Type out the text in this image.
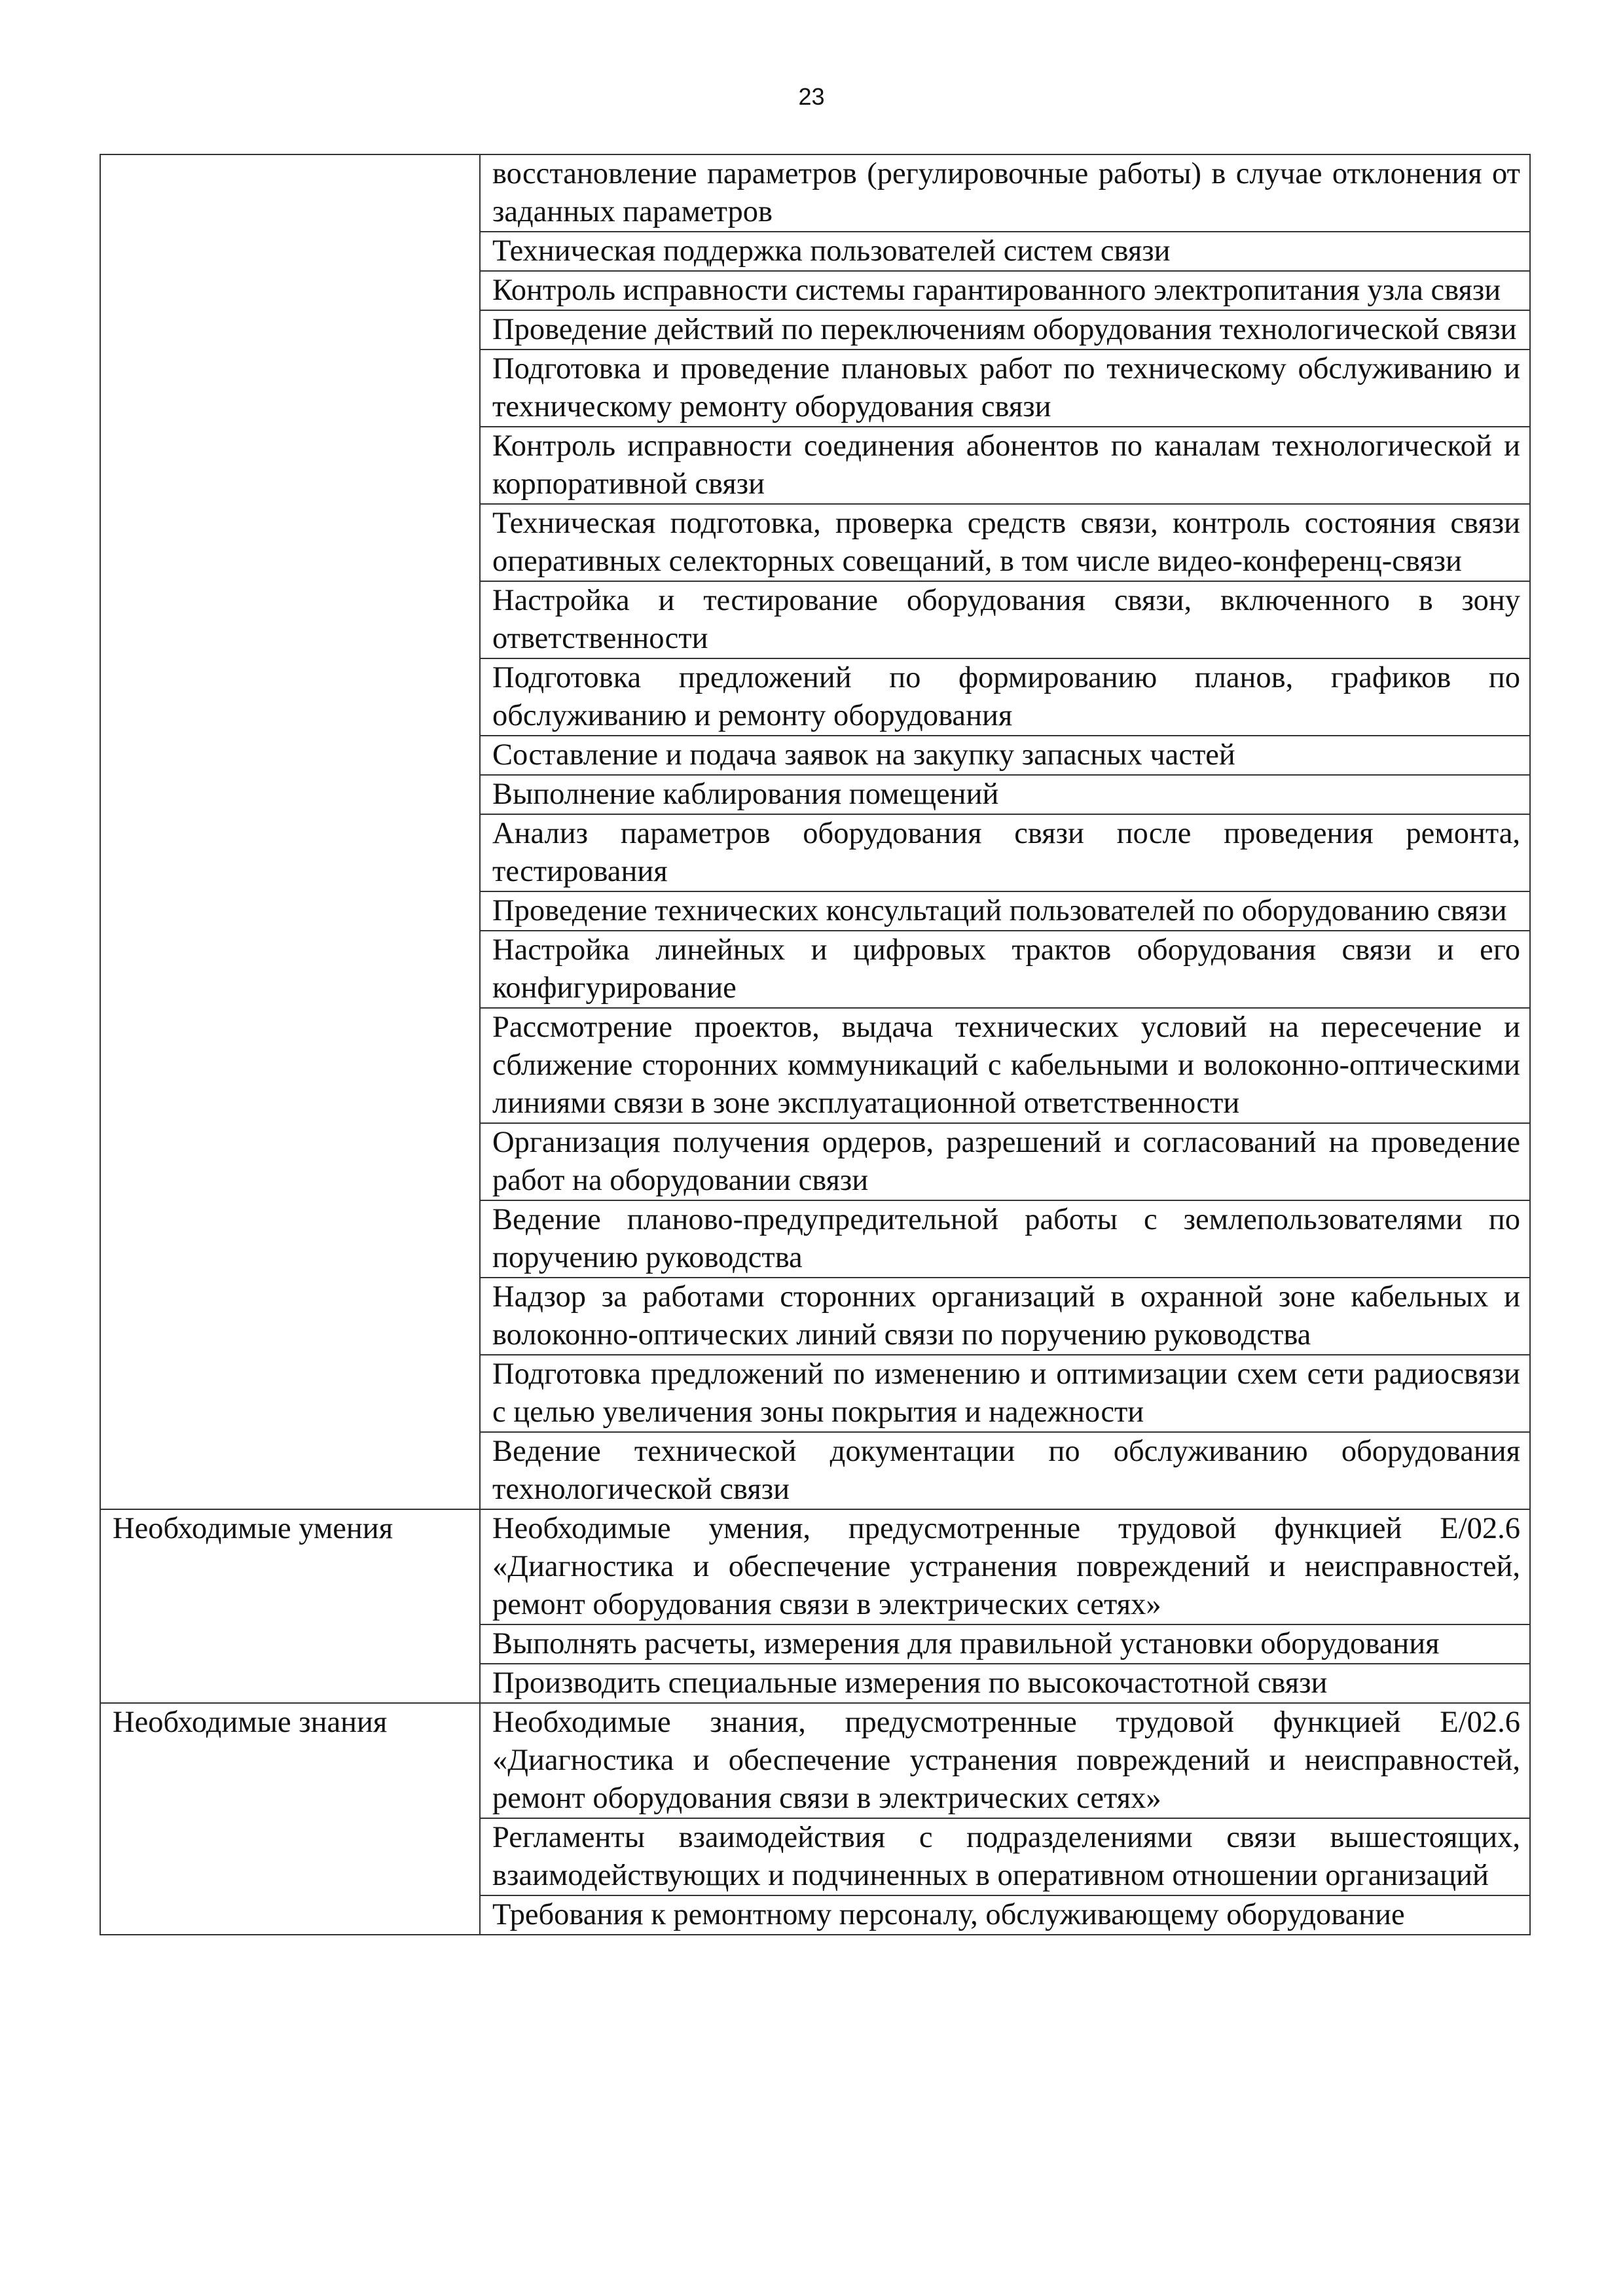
23
	восстановление параметров (регулировочные работы) в случае отклонения от заданных параметров
	Техническая поддержка пользователей систем связи
	Контроль исправности системы гарантированного электропитания узла связи
	Проведение действий по переключениям оборудования технологической связи
	Подготовка и проведение плановых работ по техническому обслуживанию и техническому ремонту оборудования связи
	Контроль исправности соединения абонентов по каналам технологической и корпоративной связи
	Техническая подготовка, проверка средств связи, контроль состояния связи оперативных селекторных совещаний, в том числе видео-конференц-связи
	Настройка и тестирование оборудования связи, включенного в зону ответственности
	Подготовка предложений по формированию планов, графиков по обслуживанию и ремонту оборудования
	Составление и подача заявок на закупку запасных частей
	Выполнение каблирования помещений
	Анализ параметров оборудования связи после проведения ремонта, тестирования
	Проведение технических консультаций пользователей по оборудованию связи
	Настройка линейных и цифровых трактов оборудования связи и его конфигурирование
	Рассмотрение проектов, выдача технических условий на пересечение и сближение сторонних коммуникаций с кабельными и волоконно-оптическими линиями связи в зоне эксплуатационной ответственности
	Организация получения ордеров, разрешений и согласований на проведение работ на оборудовании связи
	Ведение планово-предупредительной работы с землепользователями по поручению руководства
	Надзор за работами сторонних организаций в охранной зоне кабельных и волоконно-оптических линий связи по поручению руководства
	Подготовка предложений по изменению и оптимизации схем сети радиосвязи с целью увеличения зоны покрытия и надежности
	Ведение технической документации по обслуживанию оборудования технологической связи
Необходимые умения	Необходимые умения, предусмотренные трудовой функцией E/02.6 «Диагностика и обеспечение устранения повреждений и неисправностей, ремонт оборудования связи в электрических сетях»
	Выполнять расчеты, измерения для правильной установки оборудования
	Производить специальные измерения по высокочастотной связи
Необходимые знания	Необходимые знания, предусмотренные трудовой функцией E/02.6 «Диагностика и обеспечение устранения повреждений и неисправностей, ремонт оборудования связи в электрических сетях»
	Регламенты взаимодействия с подразделениями связи вышестоящих, взаимодействующих и подчиненных в оперативном отношении организаций
	Требования к ремонтному персоналу, обслуживающему оборудование
